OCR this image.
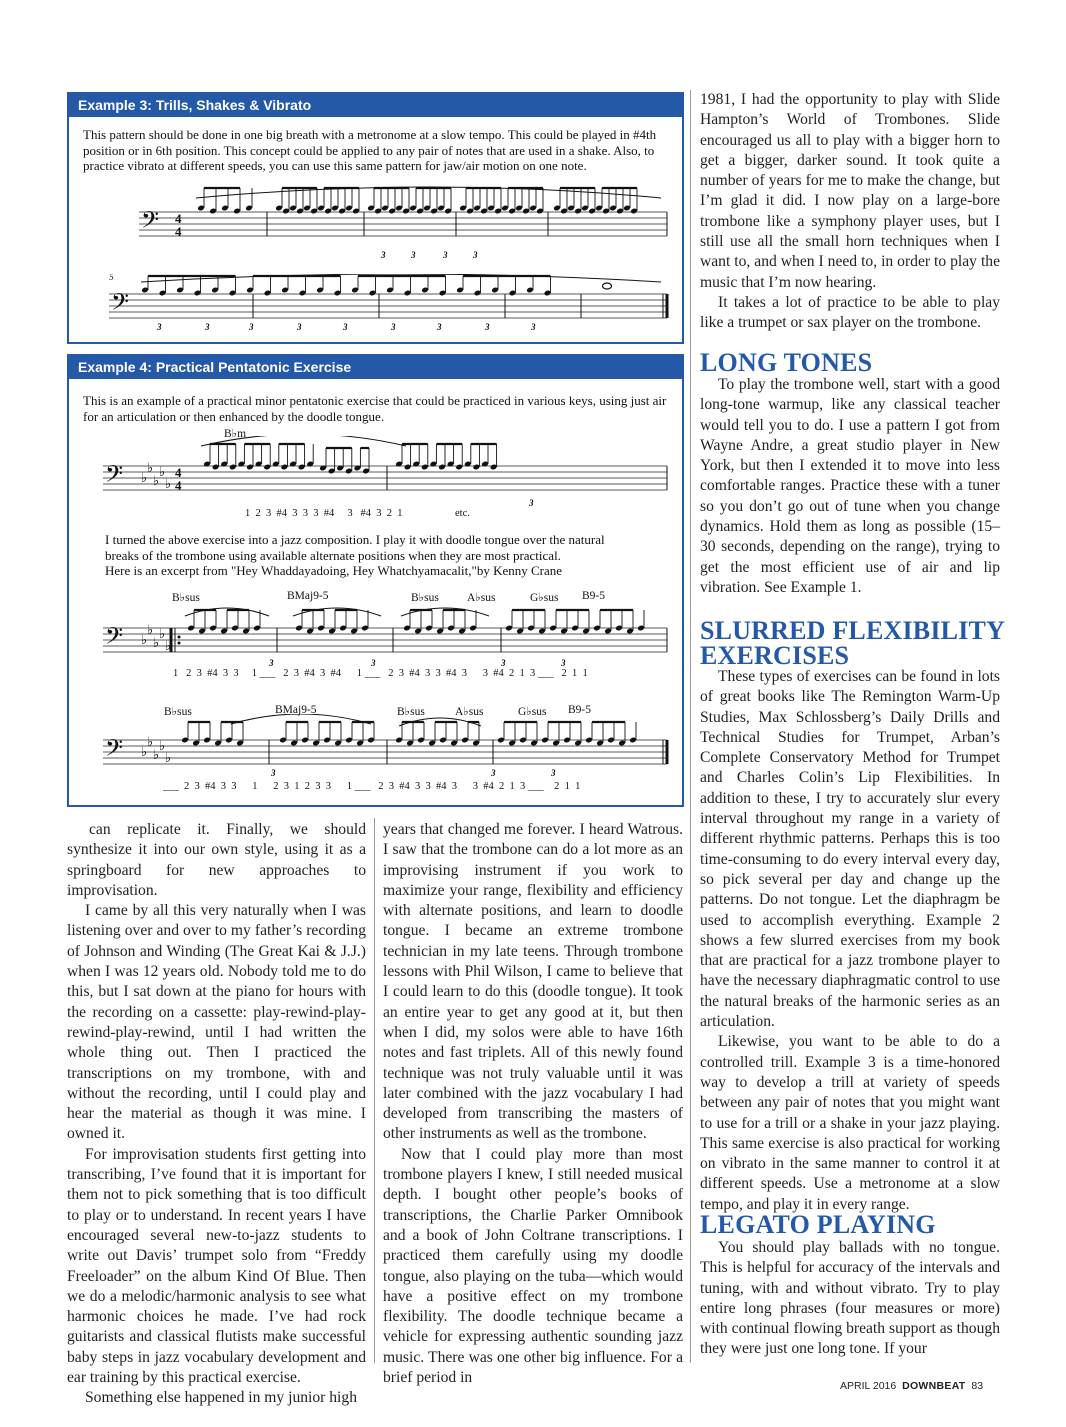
Example 3: Trills, Shakes & Vibrato
This pattern should be done in one big breath with a metronome at a slow tempo. This could be played in #4th position or in 6th position. This concept could be applied to any pair of notes that are used in a shake. Also, to practice vibrato at different speeds, you can use this same pattern for jaw/air motion on one note.
𝄢 4
4
3	3	3	3
𝄢
5
3	3	3	3	3	3	3	3	3
Example 4: Practical Pentatonic Exercise
This is an example of a practical minor pentatonic exercise that could be practiced in various keys, using just air for an articulation or then enhanced by the doodle tongue.
B♭m
𝄢 ♭
♭
♭
♭
♭
4
4
3
1  2  3  #4  3  3  3  #4     3   #4  3  2  1	etc.
I turned the above exercise into a jazz composition. I play it with doodle tongue over the natural breaks of the trombone using available alternate positions when they are most practical.
Here is an excerpt from "Hey Whaddayadoing, Hey Whatchyamacalit,"by Kenny Crane
B♭sus	BMaj9-5	B♭sus A♭sus	G♭sus B9-5
𝄢 ♭
♭
♭
♭
♭
3	3	3	3
1   2  3  #4  3  3     1 ___   2  3  #4  3  #4      1 ___   2  3  #4  3  3  #4  3      3  #4  2  1  3 ___   2  1  1
B♭sus	BMaj9-5	B♭sus	A♭sus	G♭sus B9-5
𝄢 ♭
♭
♭
♭
♭
3	3	3
___  2  3  #4  3  3      1      2  3  1  2  3  3      1 ___   2  3  #4  3  3  #4  3      3  #4  2  1  3 ___    2  1  1

can replicate it. Finally, we should synthesize it into our own style, using it as a springboard for new approaches to improvisation.

I came by all this very naturally when I was listening over and over to my father’s recording of Johnson and Winding (The Great Kai & J.J.) when I was 12 years old. Nobody told me to do this, but I sat down at the piano for hours with the recording on a cassette: play-rewind-play-rewind-play-rewind, until I had written the whole thing out. Then I practiced the transcriptions on my trombone, with and without the recording, until I could play and hear the material as though it was mine. I owned it.

For improvisation students first getting into transcribing, I’ve found that it is important for them not to pick something that is too difficult to play or to understand. In recent years I have encouraged several new-to-jazz students to write out Davis’ trumpet solo from “Freddy Freeloader” on the album Kind Of Blue. Then we do a melodic/harmonic analysis to see what harmonic choices he made. I’ve had rock guitarists and classical flutists make successful baby steps in jazz vocabulary development and ear training by this practical exercise.

Something else happened in my junior high

years that changed me forever. I heard Watrous. I saw that the trombone can do a lot more as an improvising instrument if you work to maximize your range, flexibility and efficiency with alternate positions, and learn to doodle tongue. I became an extreme trombone technician in my late teens. Through trombone lessons with Phil Wilson, I came to believe that I could learn to do this (doodle tongue). It took an entire year to get any good at it, but then when I did, my solos were able to have 16th notes and fast triplets. All of this newly found technique was not truly valuable until it was later combined with the jazz vocabulary I had developed from transcribing the masters of other instruments as well as the trombone.

Now that I could play more than most trombone players I knew, I still needed musical depth. I bought other people’s books of transcriptions, the Charlie Parker Omnibook and a book of John Coltrane transcriptions. I practiced them carefully using my doodle tongue, also playing on the tuba—which would have a positive effect on my trombone flexibility. The doodle technique became a vehicle for expressing authentic sounding jazz music. There was one other big influence. For a brief period in

1981, I had the opportunity to play with Slide Hampton’s World of Trombones. Slide encouraged us all to play with a bigger horn to get a bigger, darker sound. It took quite a number of years for me to make the change, but I’m glad it did. I now play on a large-bore trombone like a symphony player uses, but I still use all the small horn techniques when I want to, and when I need to, in order to play the music that I’m now hearing.

It takes a lot of practice to be able to play like a trumpet or sax player on the trombone.

LONG TONES

To play the trombone well, start with a good long-tone warmup, like any classical teacher would tell you to do. I use a pattern I got from Wayne Andre, a great studio player in New York, but then I extended it to move into less comfortable ranges. Practice these with a tuner so you don’t go out of tune when you change dynamics. Hold them as long as possible (15–30 seconds, depending on the range), trying to get the most efficient use of air and lip vibration. See Example 1.

SLURRED FLEXIBILITY
EXERCISES

These types of exercises can be found in lots of great books like The Remington Warm-Up Studies, Max Schlossberg’s Daily Drills and Technical Studies for Trumpet, Arban’s Complete Conservatory Method for Trumpet and Charles Colin’s Lip Flexibilities. In addition to these, I try to accurately slur every interval throughout my range in a variety of different rhythmic patterns. Perhaps this is too time-consuming to do every interval every day, so pick several per day and change up the patterns. Do not tongue. Let the diaphragm be used to accomplish everything. Example 2 shows a few slurred exercises from my book that are practical for a jazz trombone player to have the necessary diaphragmatic control to use the natural breaks of the harmonic series as an articulation.

Likewise, you want to be able to do a controlled trill. Example 3 is a time-honored way to develop a trill at variety of speeds between any pair of notes that you might want to use for a trill or a shake in your jazz playing. This same exercise is also practical for working on vibrato in the same manner to control it at different speeds. Use a metronome at a slow tempo, and play it in every range.

LEGATO PLAYING

You should play ballads with no tongue. This is helpful for accuracy of the intervals and tuning, with and without vibrato. Try to play entire long phrases (four measures or more) with continual flowing breath support as though they were just one long tone. If your

APRIL 2016 DOWNBEAT 83
